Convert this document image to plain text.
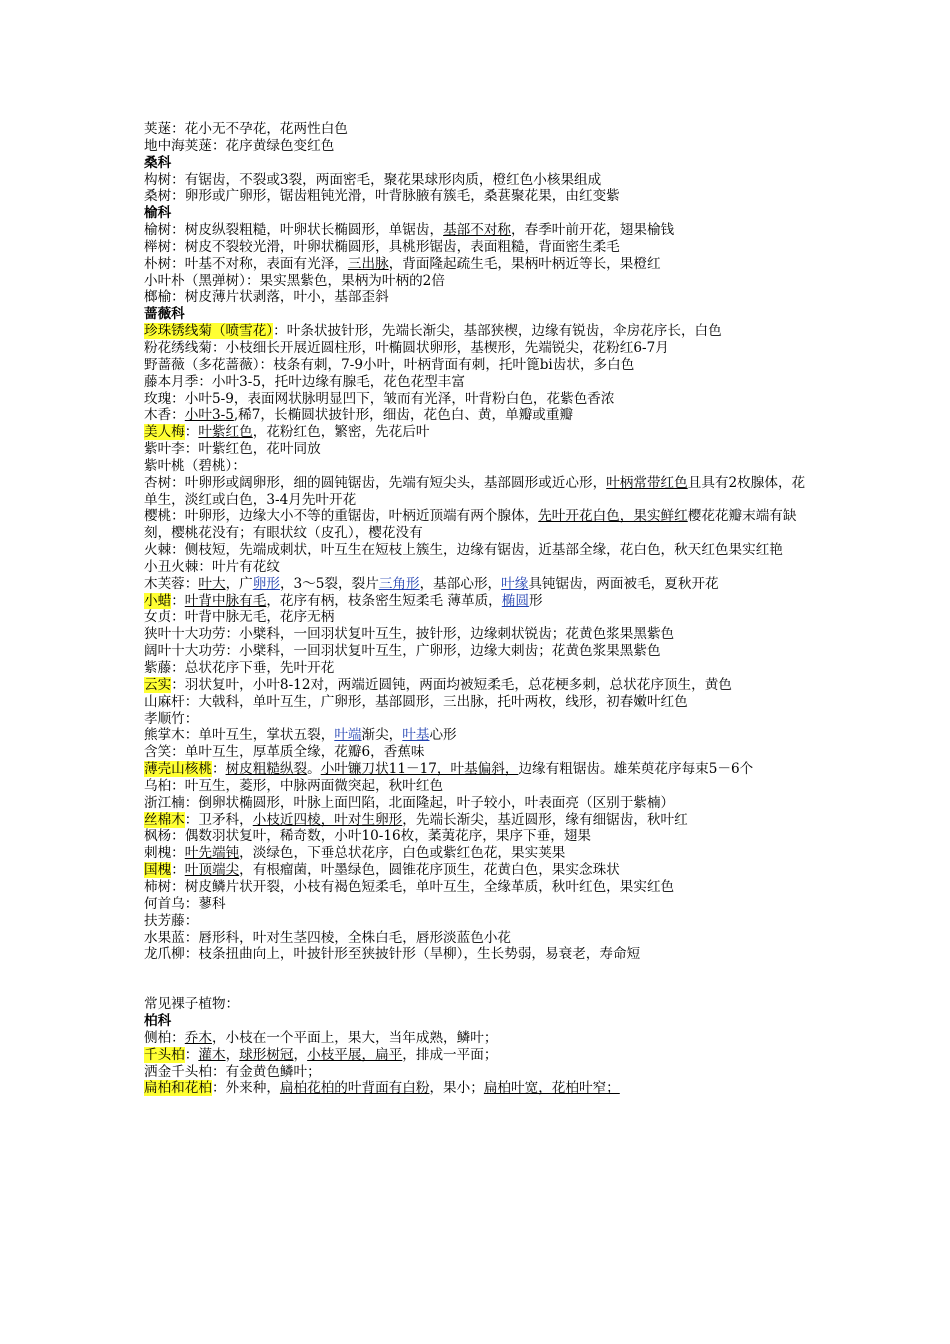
荚蒾：花小无不孕花，花两性白色
地中海荚蒾：花序黄绿色变红色
桑科
构树：有锯齿，不裂或3裂，两面密毛，聚花果球形肉质，橙红色小核果组成
桑树：卵形或广卵形，锯齿粗钝光滑，叶背脉腋有簇毛，桑葚聚花果，由红变紫
榆科
榆树：树皮纵裂粗糙，叶卵状长椭圆形，单锯齿，基部不对称，春季叶前开花，翅果榆钱
榉树：树皮不裂较光滑，叶卵状椭圆形，具桃形锯齿，表面粗糙，背面密生柔毛
朴树：叶基不对称，表面有光泽，三出脉，背面隆起疏生毛，果柄叶柄近等长，果橙红
小叶朴（黑弹树）：果实黑紫色，果柄为叶柄的2倍
榔榆：树皮薄片状剥落，叶小，基部歪斜
蔷薇科
珍珠锈线菊（喷雪花）：叶条状披针形，先端长渐尖，基部狭楔，边缘有锐齿，伞房花序长，白色
粉花绣线菊：小枝细长开展近圆柱形，叶椭圆状卵形，基楔形，先端锐尖，花粉红6-7月
野蔷薇（多花蔷薇）：枝条有刺，7-9小叶，叶柄背面有刺，托叶篦bi齿状，多白色
藤本月季：小叶3-5，托叶边缘有腺毛，花色花型丰富
玫瑰：小叶5-9，表面网状脉明显凹下，皱而有光泽，叶背粉白色，花紫色香浓
木香：小叶3-5,稀7，长椭圆状披针形，细齿，花色白、黄，单瓣或重瓣
美人梅：叶紫红色，花粉红色，繁密，先花后叶
紫叶李：叶紫红色，花叶同放
紫叶桃（碧桃）：
杏树：叶卵形或阔卵形，细的圆钝锯齿，先端有短尖头，基部圆形或近心形，叶柄常带红色且具有2枚腺体，花单生，淡红或白色，3-4月先叶开花
樱桃：叶卵形，边缘大小不等的重锯齿，叶柄近顶端有两个腺体，先叶开花白色，果实鲜红樱花花瓣末端有缺刻，樱桃花没有；有眼状纹（皮孔），樱花没有
火棘：侧枝短，先端成刺状，叶互生在短枝上簇生，边缘有锯齿，近基部全缘，花白色，秋天红色果实红艳
小丑火棘：叶片有花纹
木芙蓉：叶大，广卵形，3～5裂，裂片三角形，基部心形，叶缘具钝锯齿，两面被毛，夏秋开花
小蜡：叶背中脉有毛，花序有柄，枝条密生短柔毛 薄革质，椭圆形
女贞：叶背中脉无毛，花序无柄
狭叶十大功劳：小檗科，一回羽状复叶互生，披针形，边缘刺状锐齿；花黄色浆果黑紫色
阔叶十大功劳：小檗科，一回羽状复叶互生，广卵形，边缘大刺齿；花黄色浆果黑紫色
紫藤：总状花序下垂，先叶开花
云实：羽状复叶，小叶8-12对，两端近圆钝，两面均被短柔毛，总花梗多刺，总状花序顶生，黄色
山麻杆：大戟科，单叶互生，广卵形，基部圆形，三出脉，托叶两枚，线形，初春嫩叶红色
孝顺竹：
熊掌木：单叶互生，掌状五裂，叶端渐尖，叶基心形
含笑：单叶互生，厚革质全缘，花瓣6，香蕉味
薄壳山核桃：树皮粗糙纵裂。小叶镰刀状11－17，叶基偏斜，边缘有粗锯齿。雄茱萸花序每束5－6个
乌桕：叶互生，菱形，中脉两面微突起，秋叶红色
浙江楠：倒卵状椭圆形，叶脉上面凹陷，北面隆起，叶子较小，叶表面亮（区别于紫楠）
丝棉木：卫矛科，小枝近四棱，叶对生卵形，先端长渐尖，基近圆形，缘有细锯齿，秋叶红
枫杨：偶数羽状复叶，稀奇数，小叶10-16枚，葇荑花序，果序下垂，翅果
刺槐：叶先端钝，淡绿色，下垂总状花序，白色或紫红色花，果实荚果
国槐：叶顶端尖，有根瘤菌，叶墨绿色，圆锥花序顶生，花黄白色，果实念珠状
柿树：树皮鳞片状开裂，小枝有褐色短柔毛，单叶互生，全缘革质，秋叶红色，果实红色
何首乌：蓼科
扶芳藤：
水果蓝：唇形科，叶对生茎四棱，全株白毛，唇形淡蓝色小花
龙爪柳：枝条扭曲向上，叶披针形至狭披针形（旱柳），生长势弱，易衰老，寿命短
常见裸子植物：
柏科
侧柏：乔木，小枝在一个平面上，果大，当年成熟，鳞叶；
千头柏：灌木，球形树冠，小枝平展，扁平，排成一平面；
洒金千头柏：有金黄色鳞叶；
扁柏和花柏：外来种，扁柏花柏的叶背面有白粉，果小；扁柏叶宽，花柏叶窄；
